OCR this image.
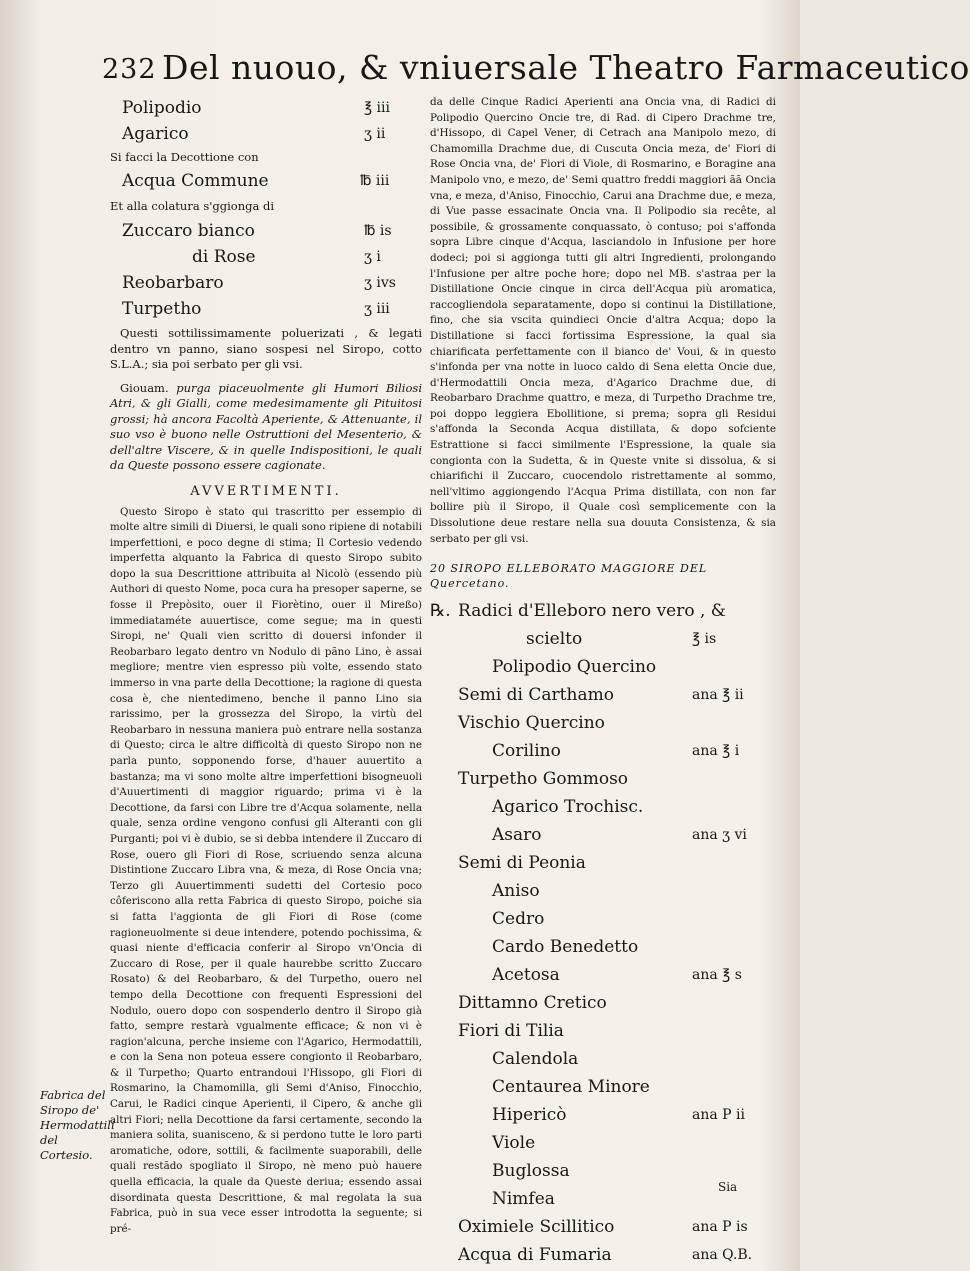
232 Del nuouo, & vniuersale Theatro Farmaceutico
Polipodio	℥ iii
Agarico	ʒ ii

Si facci la Decottione con

Acqua Commune	℔ iii

Et alla colatura s'ggionga di

Zuccaro bianco	℔ is
di Rose	ʒ i
Reobarbaro	ʒ ivs
Turpetho	ʒ iii

Questi sottilissimamente poluerizati , & legati dentro vn panno, siano sospesi nel Siropo, cotto S.L.A.; sia poi serbato per gli vsi.

Giouam. purga piaceuolmente gli Humori Biliosi Atri, & gli Gialli, come medesimamente gli Pituitosi grossi; hà ancora Facoltà Aperiente, & Attenuante, il suo vso è buono nelle Ostruttioni del Mesenterio, & dell'altre Viscere, & in quelle Indispositioni, le quali da Queste possono essere cagionate.

AVVERTIMENTI.

Questo Siropo è stato qui trascritto per essempio di molte altre simili di Diuersi, le quali sono ripiene di notabili imperfettioni, e poco degne di stima; Il Cortesio vedendo imperfetta alquanto la Fabrica di questo Siropo subito dopo la sua Descrittione attribuita al Nicolò (essendo più Authori di questo Nome, poca cura ha presoper saperne, se fosse il Prepòsito, ouer il Fiorètino, ouer il Mireßo) immediataméte auuertisce, come segue; ma in questi Siropi, ne' Quali vien scritto di douersi infonder il Reobarbaro legato dentro vn Nodulo di pãno Lino, è assai megliore; mentre vien espresso più volte, essendo stato immerso in vna parte della Decottione; la ragione di questa cosa è, che nientedimeno, benche il panno Lino sia rarissimo, per la grossezza del Siropo, la virtù del Reobarbaro in nessuna maniera può entrare nella sostanza di Questo; circa le altre difficoltà di questo Siropo non ne parla punto, sopponendo forse, d'hauer auuertito a bastanza; ma vi sono molte altre imperfettioni bisogneuoli d'Auuertimenti di maggior riguardo; prima vi è la Decottione, da farsi con Libre tre d'Acqua solamente, nella quale, senza ordine vengono confusi gli Alteranti con gli Purganti; poi vi è dubio, se si debba intendere il Zuccaro di Rose, ouero gli Fiori di Rose, scriuendo senza alcuna Distintione Zuccaro Libra vna, & meza, di Rose Oncia vna; Terzo gli Auuertimmenti sudetti del Cortesio poco côferiscono alla retta Fabrica di questo Siropo, poiche sia si fatta l'aggionta de gli Fiori di Rose (come ragioneuolmente si deue intendere, potendo pochissima, & quasi niente d'efficacia conferir al Siropo vn'Oncia di Zuccaro di Rose, per il quale haurebbe scritto Zuccaro Rosato) & del Reobarbaro, & del Turpetho, ouero nel tempo della Decottione con frequenti Espressioni del Nodulo, ouero dopo con sospenderlo dentro il Siropo già fatto, sempre restarà vgualmente efficace; & non vi è ragion'alcuna, perche insieme con l'Agarico, Hermodattili, e con la Sena non poteua essere congionto il Reobarbaro, & il Turpetho; Quarto entrandoui l'Hissopo, gli Fiori di Rosmarino, la Chamomilla, gli Semi d'Aniso, Finocchio, Carui, le Radici cinque Aperienti, il Cipero, & anche gli altri Fiori; nella Decottione da farsi certamente, secondo la maniera solita, suanisceno, & si perdono tutte le loro parti aromatiche, odore, sottili, & facilmente suaporabili, delle quali restãdo spogliato il Siropo, nè meno può hauere quella efficacia, la quale da Queste deriua; essendo assai disordinata questa Descrittione, & mal regolata la sua Fabrica, può in sua vece esser introdotta la seguente; si pré-

Fabrica del Siropo de' Hermodattili del Cortesio.

da delle Cinque Radici Aperienti ana Oncia vna, di Radici di Polipodio Quercino Oncie tre, di Rad. di Cipero Drachme tre, d'Hissopo, di Capel Vener, di Cetrach ana Manipolo mezo, di Chamomilla Drachme due, di Cuscuta Oncia meza, de' Fiori di Rose Oncia vna, de' Fiori di Viole, di Rosmarino, e Boragine ana Manipolo vno, e mezo, de' Semi quattro freddi maggiori ãã Oncia vna, e meza, d'Aniso, Finocchio, Carui ana Drachme due, e meza, di Vue passe essacinate Oncia vna. Il Polipodio sia recête, al possibile, & grossamente conquassato, ò contuso; poi s'affonda sopra Libre cinque d'Acqua, lasciandolo in Infusione per hore dodeci; poi si aggionga tutti gli altri Ingredienti, prolongando l'Infusione per altre poche hore; dopo nel MB. s'astraa per la Distillatione Oncie cinque in circa dell'Acqua più aromatica, raccogliendola separatamente, dopo si continui la Distillatione, fino, che sia vscita quindieci Oncie d'altra Acqua; dopo la Distillatione si facci fortissima Espressione, la qual sia chiarificata perfettamente con il bianco de' Voui, & in questo s'infonda per vna notte in luoco caldo di Sena eletta Oncie due, d'Hermodattili Oncia meza, d'Agarico Drachme due, di Reobarbaro Drachme quattro, e meza, di Turpetho Drachme tre, poi doppo leggiera Ebollitione, si prema; sopra gli Residui s'affonda la Seconda Acqua distillata, & dopo sofciente Estrattione si facci similmente l'Espressione, la quale sia congionta con la Sudetta, & in Queste vnite si dissolua, & si chiarifichi il Zuccaro, cuocendolo ristrettamente al sommo, nell'vltimo aggiongendo l'Acqua Prima distillata, con non far bollire più il Siropo, il Quale così semplicemente con la Dissolutione deue restare nella sua douuta Consistenza, & sia serbato per gli vsi.

20 SIROPO ELLEBORATO MAGGIORE DEL Quercetano.
℞. Radici d'Elleboro nero vero , &
scielto	℥ is
Polipodio Quercino
Semi di Carthamo	ana ℥ ii
Vischio Quercino
Corilino	ana ℥ i
Turpetho Gommoso
Agarico Trochisc.
Asaro	ana ʒ vi
Semi di Peonia
Aniso
Cedro
Cardo Benedetto
Acetosa	ana ℥ s
Dittamno Cretico
Fiori di Tilia
Calendola
Centaurea Minore
Hipericò	ana P ii
Viole
Buglossa
Nimfea
Oximiele Scillitico	ana P is
Acqua di Fumaria	ana Q.B.
Sia
